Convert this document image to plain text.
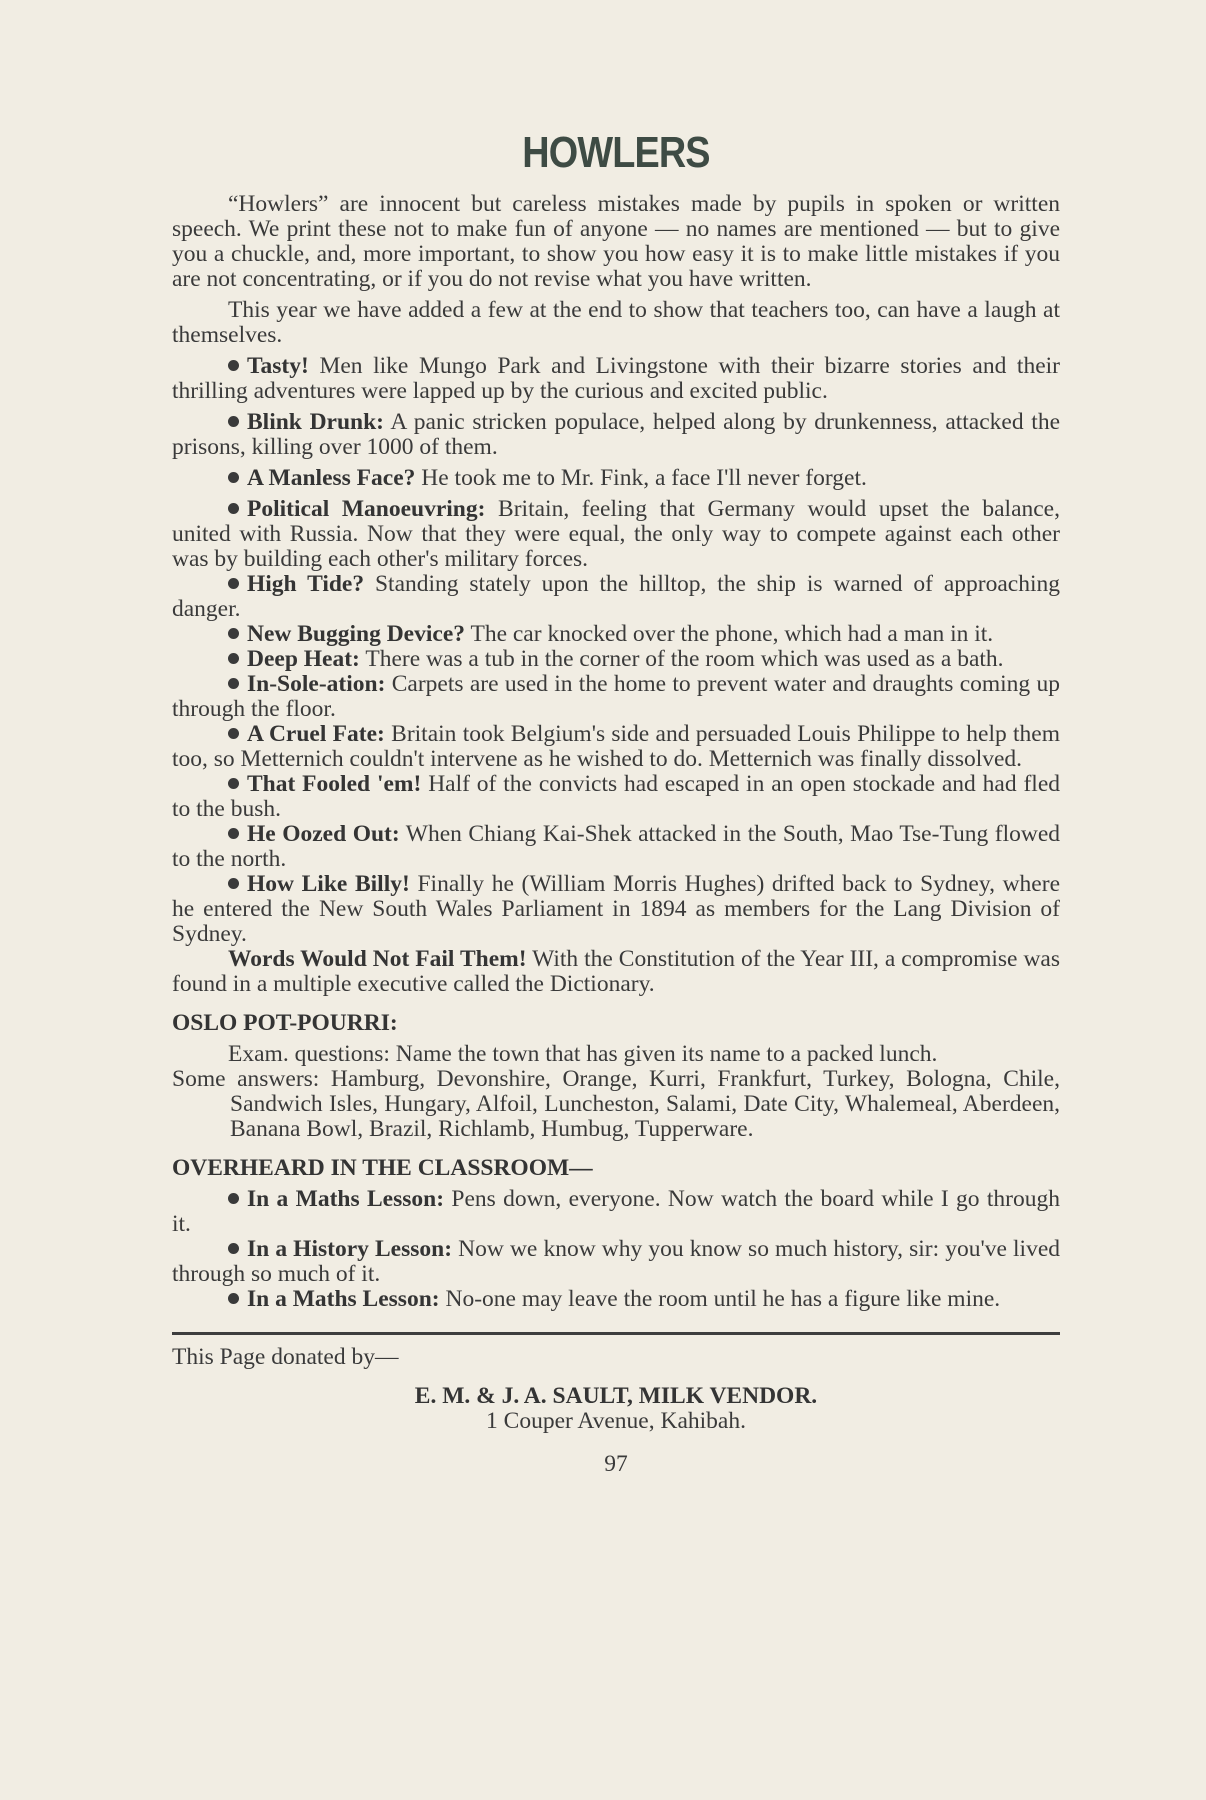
HOWLERS

“Howlers” are innocent but careless mistakes made by pupils in spoken or written speech. We print these not to make fun of anyone — no names are mentioned — but to give you a chuckle, and, more important, to show you how easy it is to make little mistakes if you are not concentrating, or if you do not revise what you have written.

This year we have added a few at the end to show that teachers too, can have a laugh at themselves.

Tasty! Men like Mungo Park and Livingstone with their bizarre stories and their thrilling adventures were lapped up by the curious and excited public.

Blink Drunk: A panic stricken populace, helped along by drunkenness, attacked the prisons, killing over 1000 of them.

A Manless Face? He took me to Mr. Fink, a face I'll never forget.

Political Manoeuvring: Britain, feeling that Germany would upset the balance, united with Russia. Now that they were equal, the only way to compete against each other was by building each other's military forces.

High Tide? Standing stately upon the hilltop, the ship is warned of approaching danger.

New Bugging Device? The car knocked over the phone, which had a man in it.

Deep Heat: There was a tub in the corner of the room which was used as a bath.

In-Sole-ation: Carpets are used in the home to prevent water and draughts coming up through the floor.

A Cruel Fate: Britain took Belgium's side and persuaded Louis Philippe to help them too, so Metternich couldn't intervene as he wished to do. Metternich was finally dissolved.

That Fooled 'em! Half of the convicts had escaped in an open stockade and had fled to the bush.

He Oozed Out: When Chiang Kai-Shek attacked in the South, Mao Tse-Tung flowed to the north.

How Like Billy! Finally he (William Morris Hughes) drifted back to Sydney, where he entered the New South Wales Parliament in 1894 as members for the Lang Division of Sydney.

Words Would Not Fail Them! With the Constitution of the Year III, a compromise was found in a multiple executive called the Dictionary.

OSLO POT-POURRI:

Exam. questions: Name the town that has given its name to a packed lunch.

Some answers: Hamburg, Devonshire, Orange, Kurri, Frankfurt, Turkey, Bologna, Chile, Sandwich Isles, Hungary, Alfoil, Luncheston, Salami, Date City, Whalemeal, Aberdeen, Banana Bowl, Brazil, Richlamb, Humbug, Tupperware.

OVERHEARD IN THE CLASSROOM—

In a Maths Lesson: Pens down, everyone. Now watch the board while I go through it.

In a History Lesson: Now we know why you know so much history, sir: you've lived through so much of it.

In a Maths Lesson: No-one may leave the room until he has a figure like mine.

This Page donated by—

E. M. & J. A. SAULT, MILK VENDOR.
1 Couper Avenue, Kahibah.
97
